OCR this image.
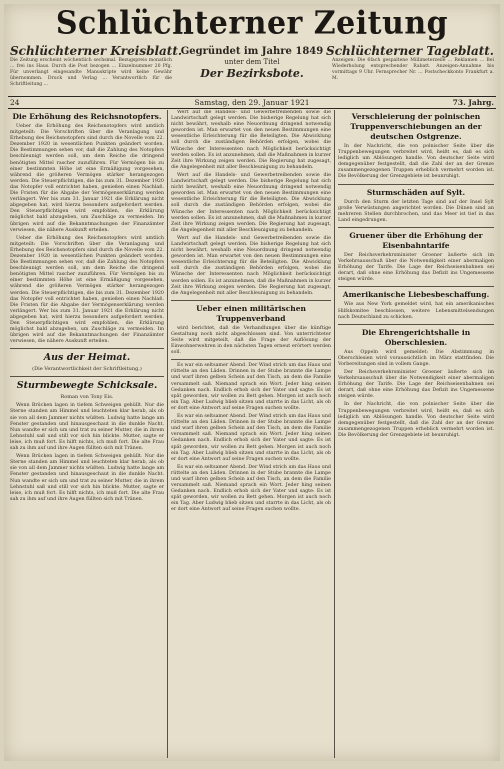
Schlüchterner Zeitung
Schlüchterner Kreisblatt.	Schlüchterner Tageblatt.
Die Zeitung erscheint wöchentlich sechsmal. Bezugspreis monatlich ... frei ins Haus. Durch die Post bezogen ... Einzelnummer 20 Pfg. Für unverlangt eingesandte Manuskripte wird keine Gewähr übernommen. Druck und Verlag ... Verantwortlich für die Schriftleitung ...
Anzeigen: Die 6fach gespaltene Millimeterzeile ... Reklamen ... Bei Wiederholung entsprechender Rabatt. Anzeigen-Annahme bis vormittags 9 Uhr. Fernsprecher Nr. ... Postscheckkonto Frankfurt a. M.
Gegründet im Jahre 1849
unter dem Titel
Der Bezirksbote.
24	Samstag, den 29. Januar 1921	73. Jahrg.
Die Erhöhung des Reichsnotopfers.

Ueber die Erhöhung des Reichsnotopfers wird amtlich mitgeteilt: Die Vorschriften über die Veranlagung und Erhebung des Reichsnotopfers sind durch die Novelle vom 22. Dezember 1920 in wesentlichen Punkten geändert worden. Die Bestimmungen sehen vor, daß die Zahlung des Notopfers beschleunigt werden soll, um dem Reiche die dringend benötigten Mittel rascher zuzuführen. Für Vermögen bis zu einer bestimmten Höhe ist eine Ermäßigung vorgesehen, während die größeren Vermögen stärker herangezogen werden. Die Steuerpflichtigen, die bis zum 31. Dezember 1920 das Notopfer voll entrichtet haben, genießen einen Nachlaß. Die Fristen für die Abgabe der Vermögenserklärung werden verlängert. Wer bis zum 31. Januar 1921 die Erklärung nicht abgegeben hat, wird hierzu besonders aufgefordert werden. Den Steuerpflichtigen wird empfohlen, die Erklärung möglichst bald abzugeben, um Zuschläge zu vermeiden. Im übrigen wird auf die Bekanntmachungen der Finanzämter verwiesen, die nähere Auskunft erteilen.

Ueber die Erhöhung des Reichsnotopfers wird amtlich mitgeteilt: Die Vorschriften über die Veranlagung und Erhebung des Reichsnotopfers sind durch die Novelle vom 22. Dezember 1920 in wesentlichen Punkten geändert worden. Die Bestimmungen sehen vor, daß die Zahlung des Notopfers beschleunigt werden soll, um dem Reiche die dringend benötigten Mittel rascher zuzuführen. Für Vermögen bis zu einer bestimmten Höhe ist eine Ermäßigung vorgesehen, während die größeren Vermögen stärker herangezogen werden. Die Steuerpflichtigen, die bis zum 31. Dezember 1920 das Notopfer voll entrichtet haben, genießen einen Nachlaß. Die Fristen für die Abgabe der Vermögenserklärung werden verlängert. Wer bis zum 31. Januar 1921 die Erklärung nicht abgegeben hat, wird hierzu besonders aufgefordert werden. Den Steuerpflichtigen wird empfohlen, die Erklärung möglichst bald abzugeben, um Zuschläge zu vermeiden. Im übrigen wird auf die Bekanntmachungen der Finanzämter verwiesen, die nähere Auskunft erteilen.

Aus der Heimat.
(Die Verantwortlichkeit der Schriftleitung.)
Sturmbewegte Schicksale.
Roman von Tony Eis.

Wenn Brücken lagen in tiefem Schweigen gehüllt. Nur die Sterne standen am Himmel und leuchteten klar herab, als ob sie von all dem Jammer nichts wüßten. Ludwig hatte lange am Fenster gestanden und hinausgeschaut in die dunkle Nacht. Nun wandte er sich um und trat zu seiner Mutter, die in ihrem Lehnstuhl saß und still vor sich hin blickte. Mutter, sagte er leise, ich muß fort. Es hilft nichts, ich muß fort. Die alte Frau sah zu ihm auf und ihre Augen füllten sich mit Tränen.

Wenn Brücken lagen in tiefem Schweigen gehüllt. Nur die Sterne standen am Himmel und leuchteten klar herab, als ob sie von all dem Jammer nichts wüßten. Ludwig hatte lange am Fenster gestanden und hinausgeschaut in die dunkle Nacht. Nun wandte er sich um und trat zu seiner Mutter, die in ihrem Lehnstuhl saß und still vor sich hin blickte. Mutter, sagte er leise, ich muß fort. Es hilft nichts, ich muß fort. Die alte Frau sah zu ihm auf und ihre Augen füllten sich mit Tränen.

Wert auf die Handels- und Gewerbetreibenden sowie die Landwirtschaft gelegt werden. Die bisherige Regelung hat sich nicht bewährt, weshalb eine Neuordnung dringend notwendig geworden ist. Man erwartet von den neuen Bestimmungen eine wesentliche Erleichterung für die Beteiligten. Die Abwicklung soll durch die zuständigen Behörden erfolgen, wobei die Wünsche der Interessenten nach Möglichkeit berücksichtigt werden sollen. Es ist anzunehmen, daß die Maßnahmen in kurzer Zeit ihre Wirkung zeigen werden. Die Regierung hat zugesagt, die Angelegenheit mit aller Beschleunigung zu behandeln.

Wert auf die Handels- und Gewerbetreibenden sowie die Landwirtschaft gelegt werden. Die bisherige Regelung hat sich nicht bewährt, weshalb eine Neuordnung dringend notwendig geworden ist. Man erwartet von den neuen Bestimmungen eine wesentliche Erleichterung für die Beteiligten. Die Abwicklung soll durch die zuständigen Behörden erfolgen, wobei die Wünsche der Interessenten nach Möglichkeit berücksichtigt werden sollen. Es ist anzunehmen, daß die Maßnahmen in kurzer Zeit ihre Wirkung zeigen werden. Die Regierung hat zugesagt, die Angelegenheit mit aller Beschleunigung zu behandeln.

Wert auf die Handels- und Gewerbetreibenden sowie die Landwirtschaft gelegt werden. Die bisherige Regelung hat sich nicht bewährt, weshalb eine Neuordnung dringend notwendig geworden ist. Man erwartet von den neuen Bestimmungen eine wesentliche Erleichterung für die Beteiligten. Die Abwicklung soll durch die zuständigen Behörden erfolgen, wobei die Wünsche der Interessenten nach Möglichkeit berücksichtigt werden sollen. Es ist anzunehmen, daß die Maßnahmen in kurzer Zeit ihre Wirkung zeigen werden. Die Regierung hat zugesagt, die Angelegenheit mit aller Beschleunigung zu behandeln.

Ueber einen militärischen Truppenverband

wird berichtet, daß die Verhandlungen über die künftige Gestaltung noch nicht abgeschlossen sind. Von unterrichteter Seite wird mitgeteilt, daß die Frage der Auflösung der Einwohnerwehren in den nächsten Tagen erneut erörtert werden soll.

Es war ein seltsamer Abend. Der Wind strich um das Haus und rüttelte an den Läden. Drinnen in der Stube brannte die Lampe und warf ihren gelben Schein auf den Tisch, an dem die Familie versammelt saß. Niemand sprach ein Wort. Jeder hing seinen Gedanken nach. Endlich erhob sich der Vater und sagte: Es ist spät geworden, wir wollen zu Bett gehen. Morgen ist auch noch ein Tag. Aber Ludwig blieb sitzen und starrte in das Licht, als ob er dort eine Antwort auf seine Fragen suchen wollte.

Es war ein seltsamer Abend. Der Wind strich um das Haus und rüttelte an den Läden. Drinnen in der Stube brannte die Lampe und warf ihren gelben Schein auf den Tisch, an dem die Familie versammelt saß. Niemand sprach ein Wort. Jeder hing seinen Gedanken nach. Endlich erhob sich der Vater und sagte: Es ist spät geworden, wir wollen zu Bett gehen. Morgen ist auch noch ein Tag. Aber Ludwig blieb sitzen und starrte in das Licht, als ob er dort eine Antwort auf seine Fragen suchen wollte.

Es war ein seltsamer Abend. Der Wind strich um das Haus und rüttelte an den Läden. Drinnen in der Stube brannte die Lampe und warf ihren gelben Schein auf den Tisch, an dem die Familie versammelt saß. Niemand sprach ein Wort. Jeder hing seinen Gedanken nach. Endlich erhob sich der Vater und sagte: Es ist spät geworden, wir wollen zu Bett gehen. Morgen ist auch noch ein Tag. Aber Ludwig blieb sitzen und starrte in das Licht, als ob er dort eine Antwort auf seine Fragen suchen wollte.

Verschleierung der polnischen Truppenverschiebungen an der deutschen Ostgrenze.

In der Nachricht, die von polnischer Seite über die Truppenbewegungen verbreitet wird, heißt es, daß es sich lediglich um Ablösungen handle. Von deutscher Seite wird demgegenüber festgestellt, daß die Zahl der an der Grenze zusammengezogenen Truppen erheblich vermehrt worden ist. Die Bevölkerung der Grenzgebiete ist beunruhigt.

Sturmschäden auf Sylt.

Durch den Sturm der letzten Tage sind auf der Insel Sylt große Verwüstungen angerichtet worden. Die Dünen sind an mehreren Stellen durchbrochen, und das Meer ist tief in das Land eingedrungen.

Gruener über die Erhöhung der Eisenbahntarife

Der Reichsverkehrsminister Groener äußerte sich im Verkehrsausschuß über die Notwendigkeit einer abermaligen Erhöhung der Tarife. Die Lage der Reichseisenbahnen sei derart, daß ohne eine Erhöhung das Defizit ins Ungemessene steigen würde.

Amerikanische Liebesbeschaffung.

Wie aus New York gemeldet wird, hat ein amerikanisches Hilfskomitee beschlossen, weitere Lebensmittelsendungen nach Deutschland zu schicken.

Die Ehrengerichtshalle in Oberschlesien.

Aus Oppeln wird gemeldet: Die Abstimmung in Oberschlesien wird voraussichtlich im März stattfinden. Die Vorbereitungen sind in vollem Gange.

Der Reichsverkehrsminister Groener äußerte sich im Verkehrsausschuß über die Notwendigkeit einer abermaligen Erhöhung der Tarife. Die Lage der Reichseisenbahnen sei derart, daß ohne eine Erhöhung das Defizit ins Ungemessene steigen würde.

In der Nachricht, die von polnischer Seite über die Truppenbewegungen verbreitet wird, heißt es, daß es sich lediglich um Ablösungen handle. Von deutscher Seite wird demgegenüber festgestellt, daß die Zahl der an der Grenze zusammengezogenen Truppen erheblich vermehrt worden ist. Die Bevölkerung der Grenzgebiete ist beunruhigt.
